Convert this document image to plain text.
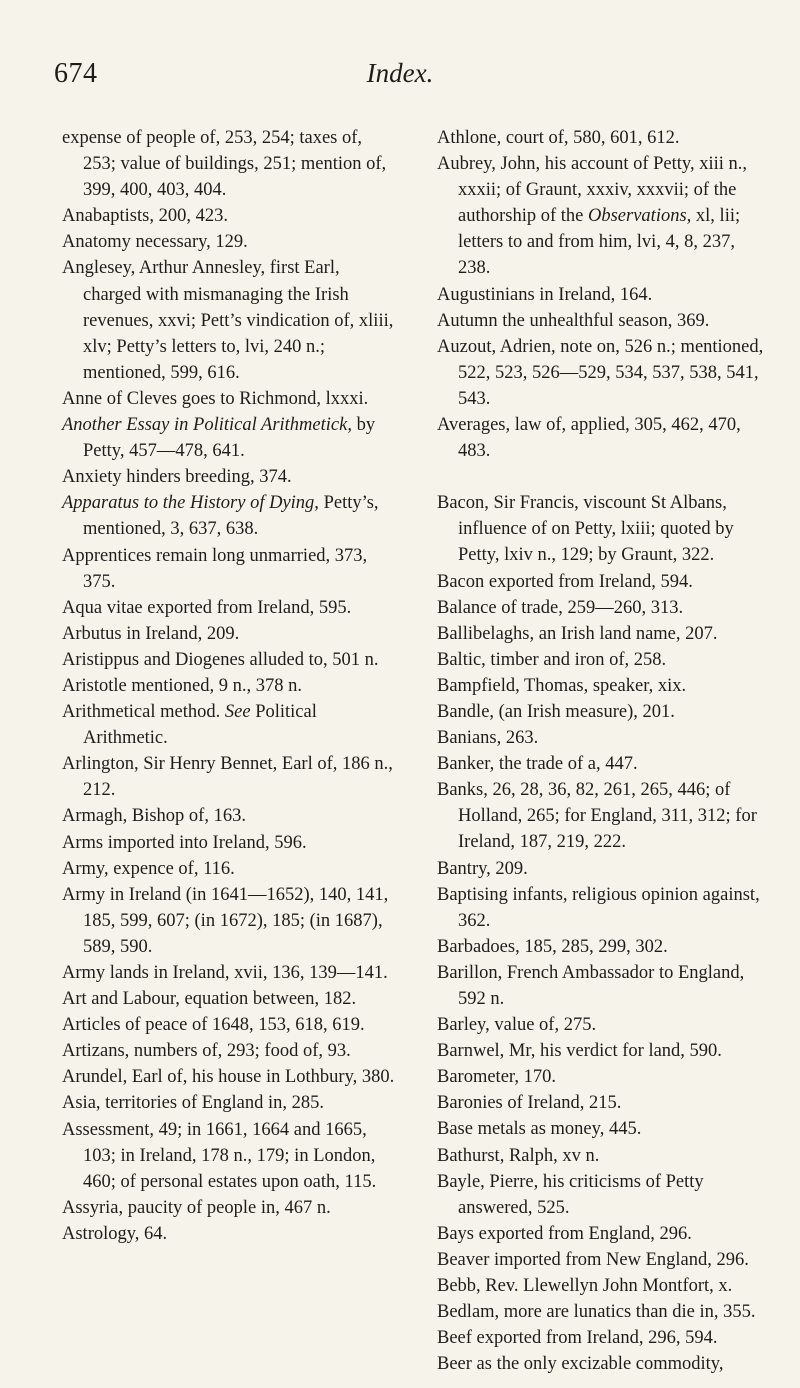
674	Index.

expense of people of, 253, 254; taxes of, 253; value of buildings, 251; mention of, 399, 400, 403, 404.

Anabaptists, 200, 423.

Anatomy necessary, 129.

Anglesey, Arthur Annesley, first Earl, charged with mismanaging the Irish revenues, xxvi; Pett’s vindication of, xliii, xlv; Petty’s letters to, lvi, 240 n.; mentioned, 599, 616.

Anne of Cleves goes to Richmond, lxxxi.

Another Essay in Political Arithmetick, by Petty, 457—478, 641.

Anxiety hinders breeding, 374.

Apparatus to the History of Dying, Petty’s, mentioned, 3, 637, 638.

Apprentices remain long unmarried, 373, 375.

Aqua vitae exported from Ireland, 595.

Arbutus in Ireland, 209.

Aristippus and Diogenes alluded to, 501 n.

Aristotle mentioned, 9 n., 378 n.

Arithmetical method. See Political Arithmetic.

Arlington, Sir Henry Bennet, Earl of, 186 n., 212.

Armagh, Bishop of, 163.

Arms imported into Ireland, 596.

Army, expence of, 116.

Army in Ireland (in 1641—1652), 140, 141, 185, 599, 607; (in 1672), 185; (in 1687), 589, 590.

Army lands in Ireland, xvii, 136, 139—141.

Art and Labour, equation between, 182.

Articles of peace of 1648, 153, 618, 619.

Artizans, numbers of, 293; food of, 93.

Arundel, Earl of, his house in Lothbury, 380.

Asia, territories of England in, 285.

Assessment, 49; in 1661, 1664 and 1665, 103; in Ireland, 178 n., 179; in London, 460; of personal estates upon oath, 115.

Assyria, paucity of people in, 467 n.

Astrology, 64.

Athlone, court of, 580, 601, 612.

Aubrey, John, his account of Petty, xiii n., xxxii; of Graunt, xxxiv, xxxvii; of the authorship of the Observations, xl, lii; letters to and from him, lvi, 4, 8, 237, 238.

Augustinians in Ireland, 164.

Autumn the unhealthful season, 369.

Auzout, Adrien, note on, 526 n.; mentioned, 522, 523, 526—529, 534, 537, 538, 541, 543.

Averages, law of, applied, 305, 462, 470, 483.

Bacon, Sir Francis, viscount St Albans, influence of on Petty, lxiii; quoted by Petty, lxiv n., 129; by Graunt, 322.

Bacon exported from Ireland, 594.

Balance of trade, 259—260, 313.

Ballibelaghs, an Irish land name, 207.

Baltic, timber and iron of, 258.

Bampfield, Thomas, speaker, xix.

Bandle, (an Irish measure), 201.

Banians, 263.

Banker, the trade of a, 447.

Banks, 26, 28, 36, 82, 261, 265, 446; of Holland, 265; for England, 311, 312; for Ireland, 187, 219, 222.

Bantry, 209.

Baptising infants, religious opinion against, 362.

Barbadoes, 185, 285, 299, 302.

Barillon, French Ambassador to England, 592 n.

Barley, value of, 275.

Barnwel, Mr, his verdict for land, 590.

Barometer, 170.

Baronies of Ireland, 215.

Base metals as money, 445.

Bathurst, Ralph, xv n.

Bayle, Pierre, his criticisms of Petty answered, 525.

Bays exported from England, 296.

Beaver imported from New England, 296.

Bebb, Rev. Llewellyn John Montfort, x.

Bedlam, more are lunatics than die in, 355.

Beef exported from Ireland, 296, 594.

Beer as the only excizable commodity,
